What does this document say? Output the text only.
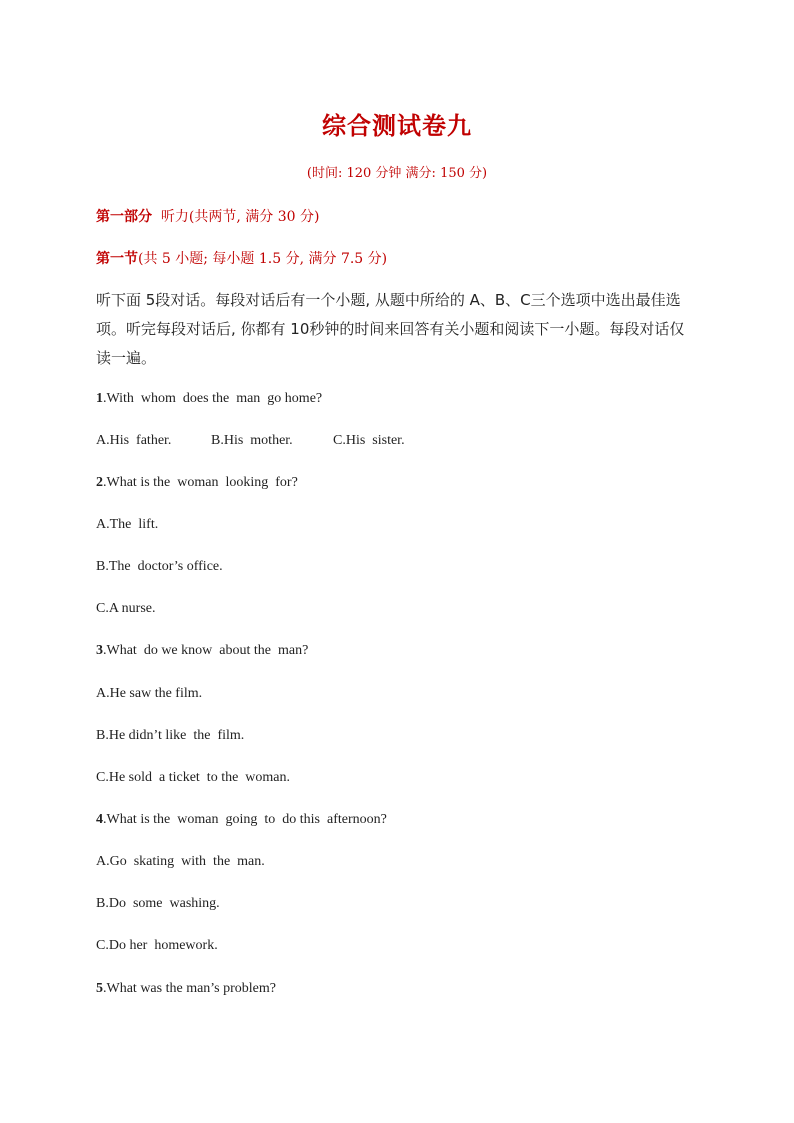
综合测试卷九
(时间: 120 分钟 满分: 150 分)
第一部分 听力(共两节, 满分 30 分)
第一节(共 5 小题; 每小题 1.5 分, 满分 7.5 分)
听下面 5段对话。每段对话后有一个小题, 从题中所给的 A、B、C三个选项中选出最佳选项。听完每段对话后, 你都有 10秒钟的时间来回答有关小题和阅读下一小题。每段对话仅读一遍。
1.With  whom  does the  man  go home?
A.His  father.	B.His  mother.	C.His  sister.
2.What is the  woman  looking  for?
A.The  lift.
B.The  doctor’s office.
C.A nurse.
3.What  do we know  about the  man?
A.He saw the film.
B.He didn’t like  the  film.
C.He sold  a ticket  to the  woman.
4.What is the  woman  going  to  do this  afternoon?
A.Go  skating  with  the  man.
B.Do  some  washing.
C.Do her  homework.
5.What was the man’s problem?
